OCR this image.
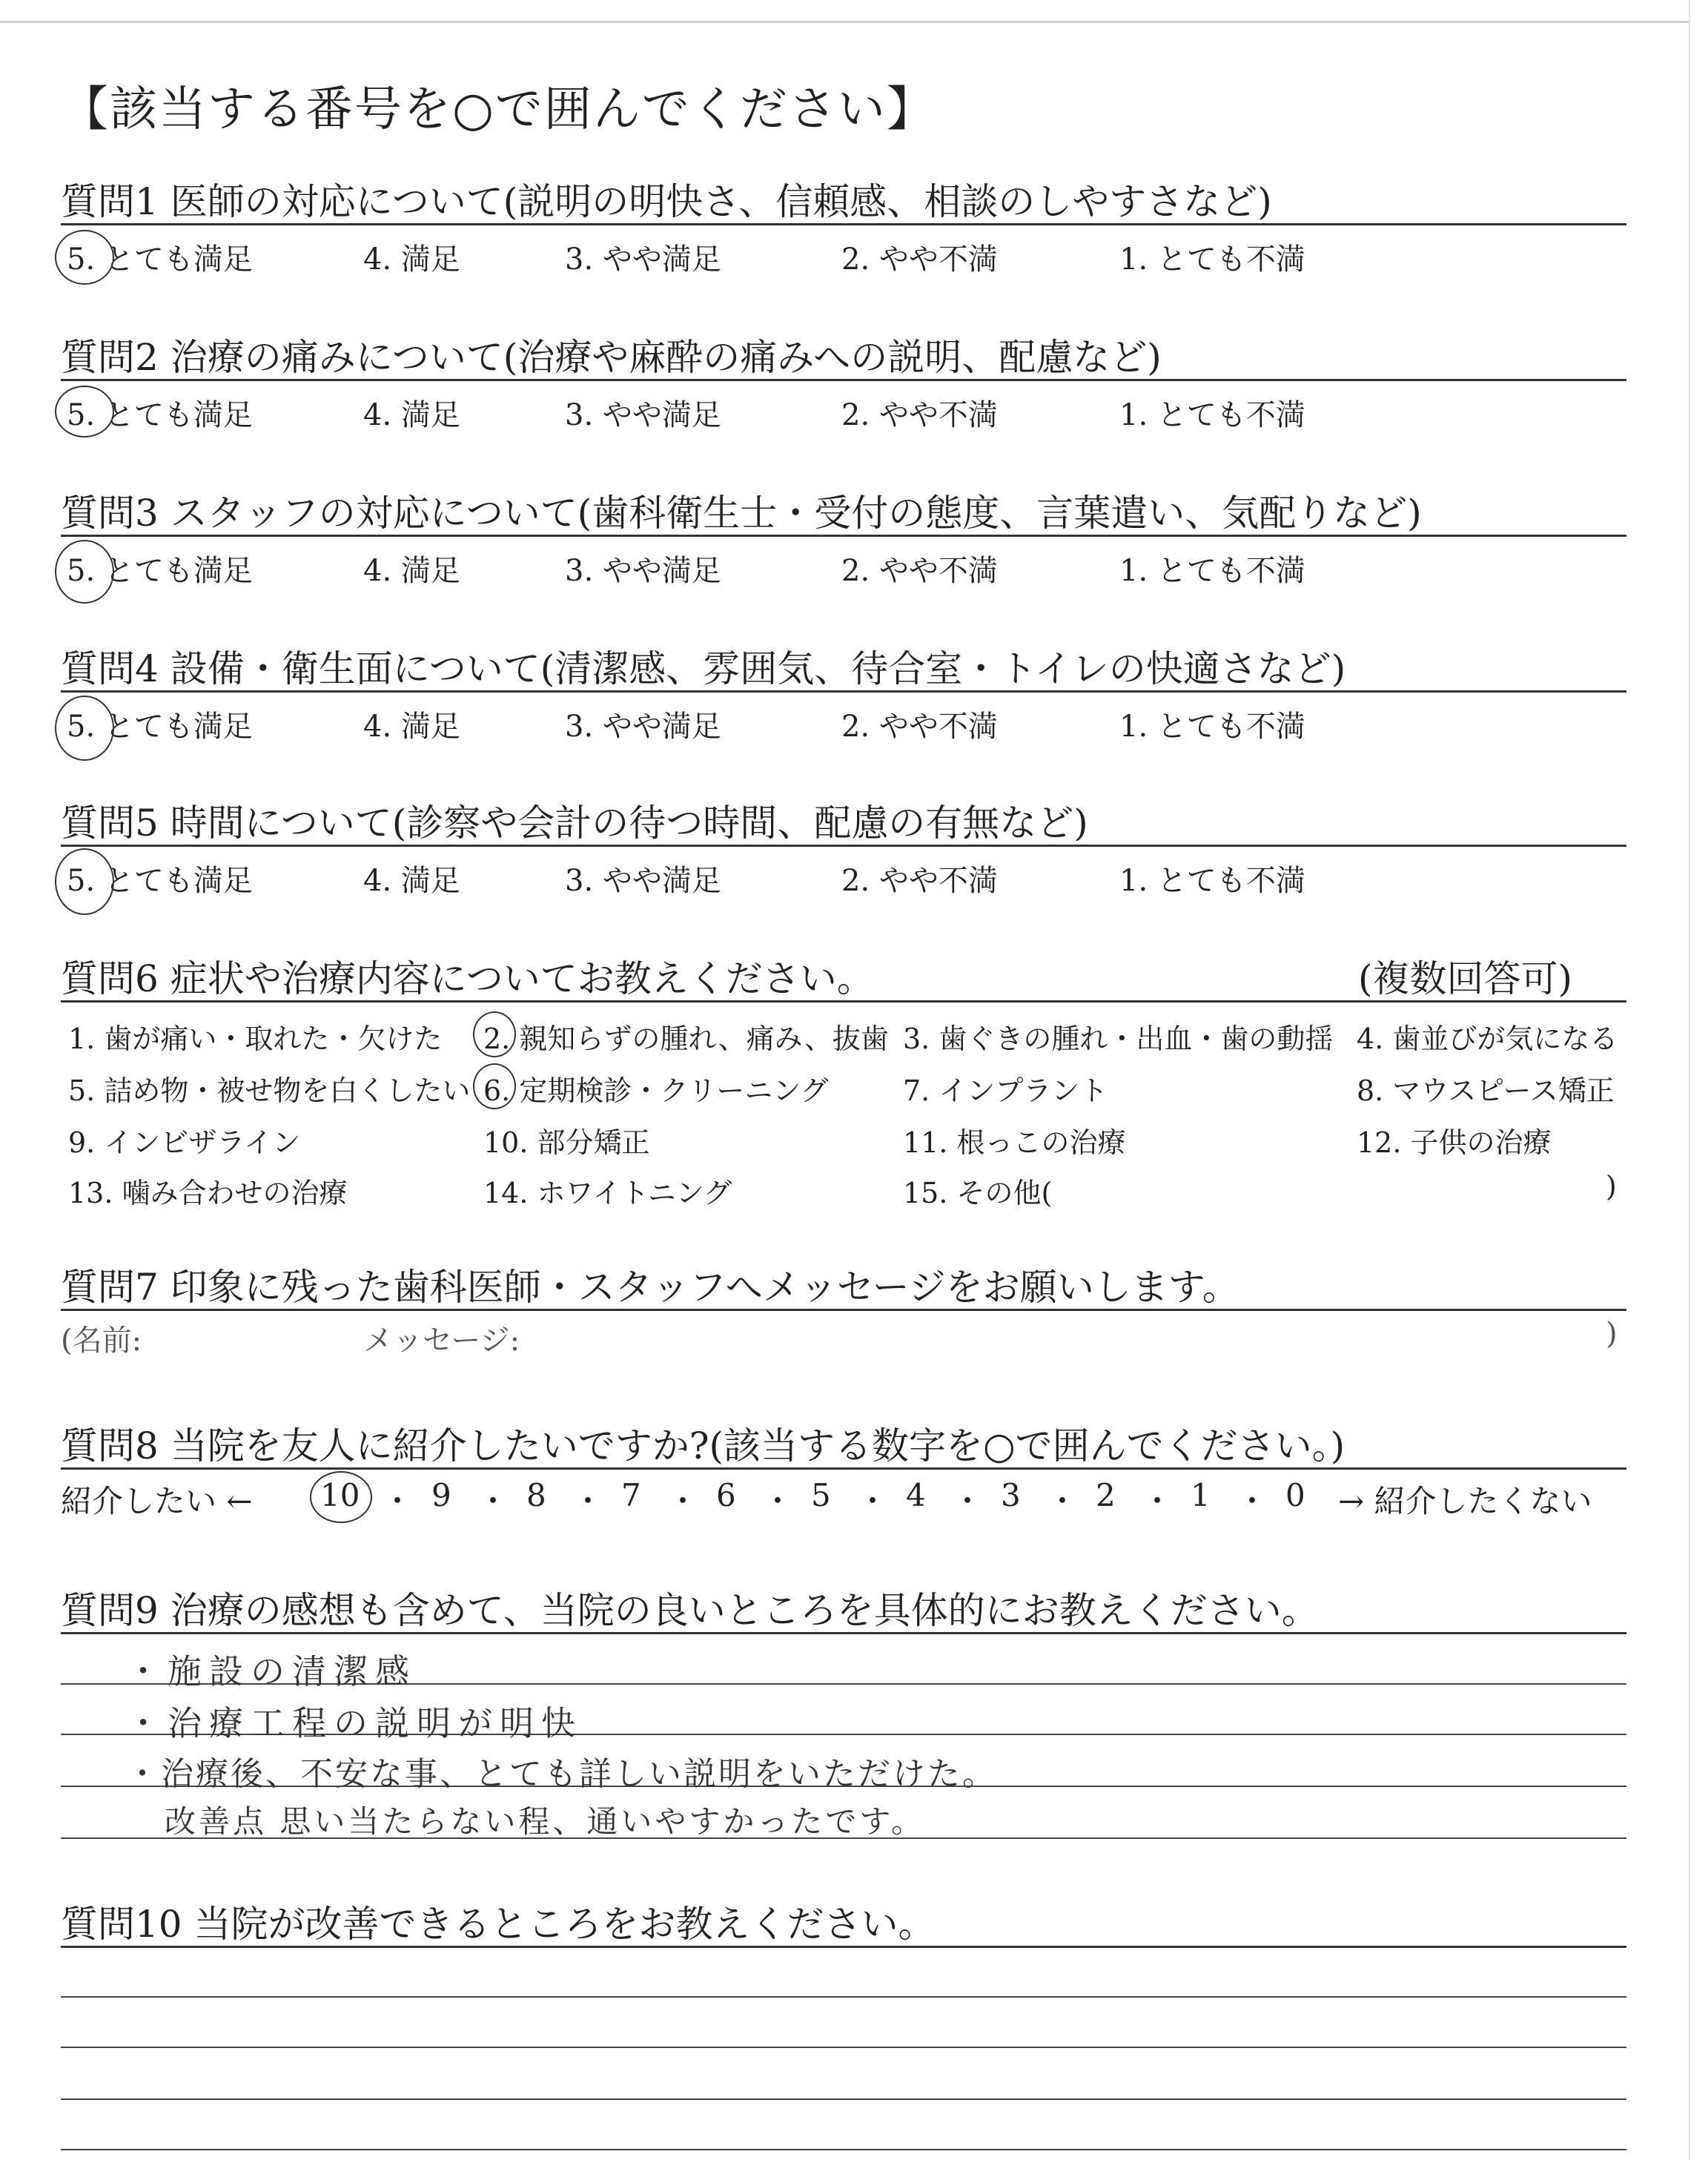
【該当する番号を○で囲んでください】
質問1 医師の対応について(説明の明快さ、信頼感、相談のしやすさなど)
5. とても満足	4. 満足	3. やや満足	2. やや不満	1. とても不満
質問2 治療の痛みについて(治療や麻酔の痛みへの説明、配慮など)
5. とても満足	4. 満足	3. やや満足	2. やや不満	1. とても不満
質問3 スタッフの対応について(歯科衛生士・受付の態度、言葉遣い、気配りなど)
5. とても満足	4. 満足	3. やや満足	2. やや不満	1. とても不満
質問4 設備・衛生面について(清潔感、雰囲気、待合室・トイレの快適さなど)
5. とても満足	4. 満足	3. やや満足	2. やや不満	1. とても不満
質問5 時間について(診察や会計の待つ時間、配慮の有無など)
5. とても満足	4. 満足	3. やや満足	2. やや不満	1. とても不満
質問6 症状や治療内容についてお教えください。	(複数回答可)
1. 歯が痛い・取れた・欠けた 2. 親知らずの腫れ、痛み、抜歯 3. 歯ぐきの腫れ・出血・歯の動揺 4. 歯並びが気になる
5. 詰め物・被せ物を白くしたい 6. 定期検診・クリーニング	7. インプラント	8. マウスピース矯正
9. インビザライン	10. 部分矯正	11. 根っこの治療	12. 子供の治療
13. 噛み合わせの治療	14. ホワイトニング	15. その他(	)
質問7 印象に残った歯科医師・スタッフへメッセージをお願いします。
(名前:	メッセージ:	)
質問8 当院を友人に紹介したいですか?(該当する数字を○で囲んでください。)
紹介したい ←	→ 紹介したくない
10 ・ 9 ・ 8 ・ 7 ・ 6 ・ 5 ・ 4 ・ 3 ・ 2 ・ 1 ・ 0
質問9 治療の感想も含めて、当院の良いところを具体的にお教えください。
・施設の清潔感
・治療工程の説明が明快
・治療後、不安な事、とても詳しい説明をいただけた。
改善点 思い当たらない程、通いやすかったです。
質問10 当院が改善できるところをお教えください。
